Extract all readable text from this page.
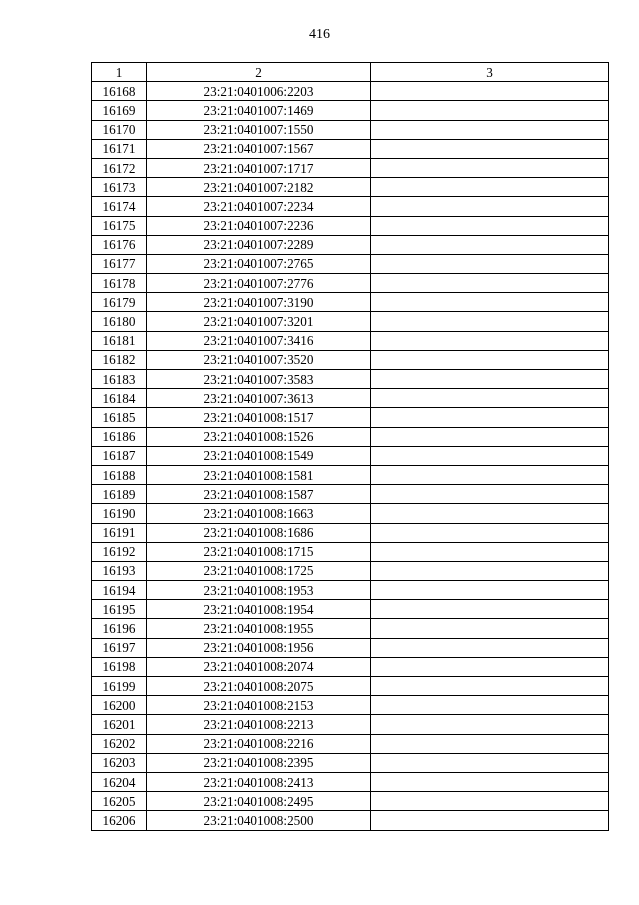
416
1	2	3
16168	23:21:0401006:2203	
16169	23:21:0401007:1469	
16170	23:21:0401007:1550	
16171	23:21:0401007:1567	
16172	23:21:0401007:1717	
16173	23:21:0401007:2182	
16174	23:21:0401007:2234	
16175	23:21:0401007:2236	
16176	23:21:0401007:2289	
16177	23:21:0401007:2765	
16178	23:21:0401007:2776	
16179	23:21:0401007:3190	
16180	23:21:0401007:3201	
16181	23:21:0401007:3416	
16182	23:21:0401007:3520	
16183	23:21:0401007:3583	
16184	23:21:0401007:3613	
16185	23:21:0401008:1517	
16186	23:21:0401008:1526	
16187	23:21:0401008:1549	
16188	23:21:0401008:1581	
16189	23:21:0401008:1587	
16190	23:21:0401008:1663	
16191	23:21:0401008:1686	
16192	23:21:0401008:1715	
16193	23:21:0401008:1725	
16194	23:21:0401008:1953	
16195	23:21:0401008:1954	
16196	23:21:0401008:1955	
16197	23:21:0401008:1956	
16198	23:21:0401008:2074	
16199	23:21:0401008:2075	
16200	23:21:0401008:2153	
16201	23:21:0401008:2213	
16202	23:21:0401008:2216	
16203	23:21:0401008:2395	
16204	23:21:0401008:2413	
16205	23:21:0401008:2495	
16206	23:21:0401008:2500	
